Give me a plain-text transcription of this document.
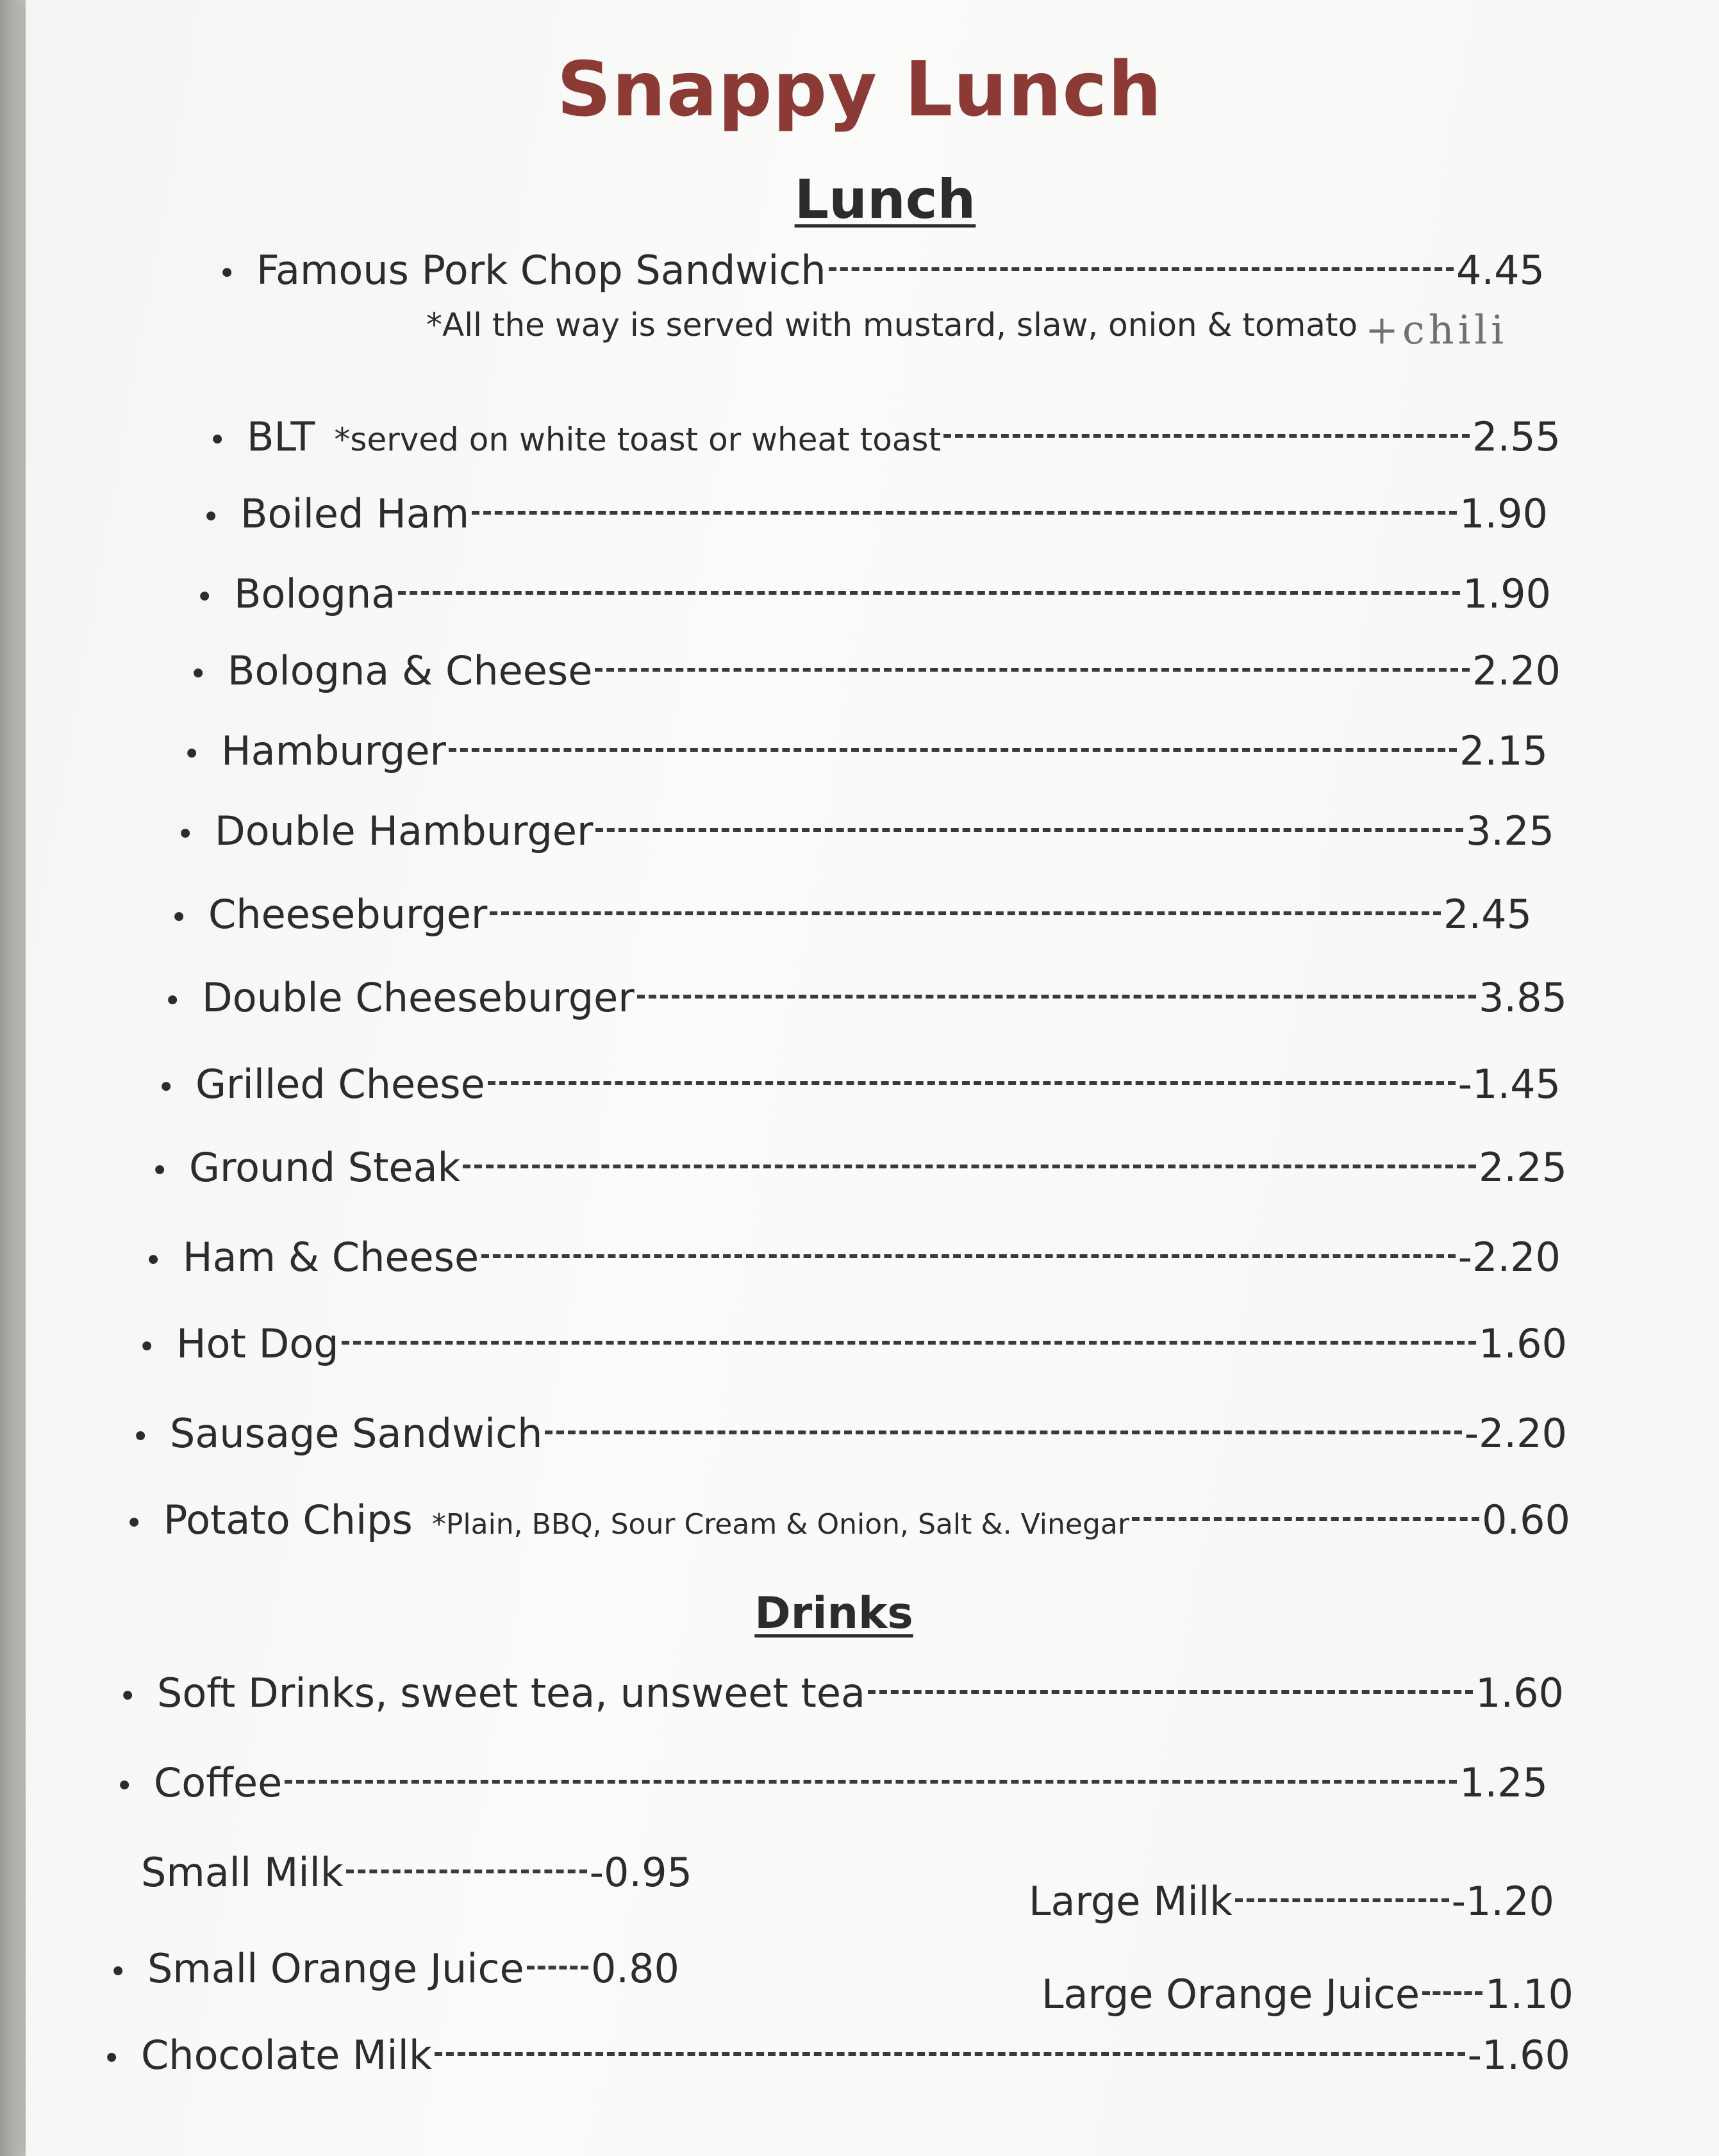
Snappy Lunch
Lunch
• Famous Pork Chop Sandwich	4.45
*All the way is served with mustard, slaw, onion & tomato +chili
• BLT *served on white toast or wheat toast	2.55
• Boiled Ham	1.90
• Bologna	1.90
• Bologna & Cheese	2.20
• Hamburger	2.15
• Double Hamburger	3.25
• Cheeseburger	2.45
• Double Cheeseburger	3.85
• Grilled Cheese	-1.45
• Ground Steak	2.25
• Ham & Cheese	-2.20
• Hot Dog	1.60
• Sausage Sandwich	-2.20
• Potato Chips *Plain, BBQ, Sour Cream & Onion, Salt &. Vinegar	0.60
Drinks
• Soft Drinks, sweet tea, unsweet tea	1.60
• Coffee	1.25
Small Milk	-0.95
Large Milk	-1.20
• Small Orange Juice 0.80
Large Orange Juice 1.10
• Chocolate Milk	-1.60
